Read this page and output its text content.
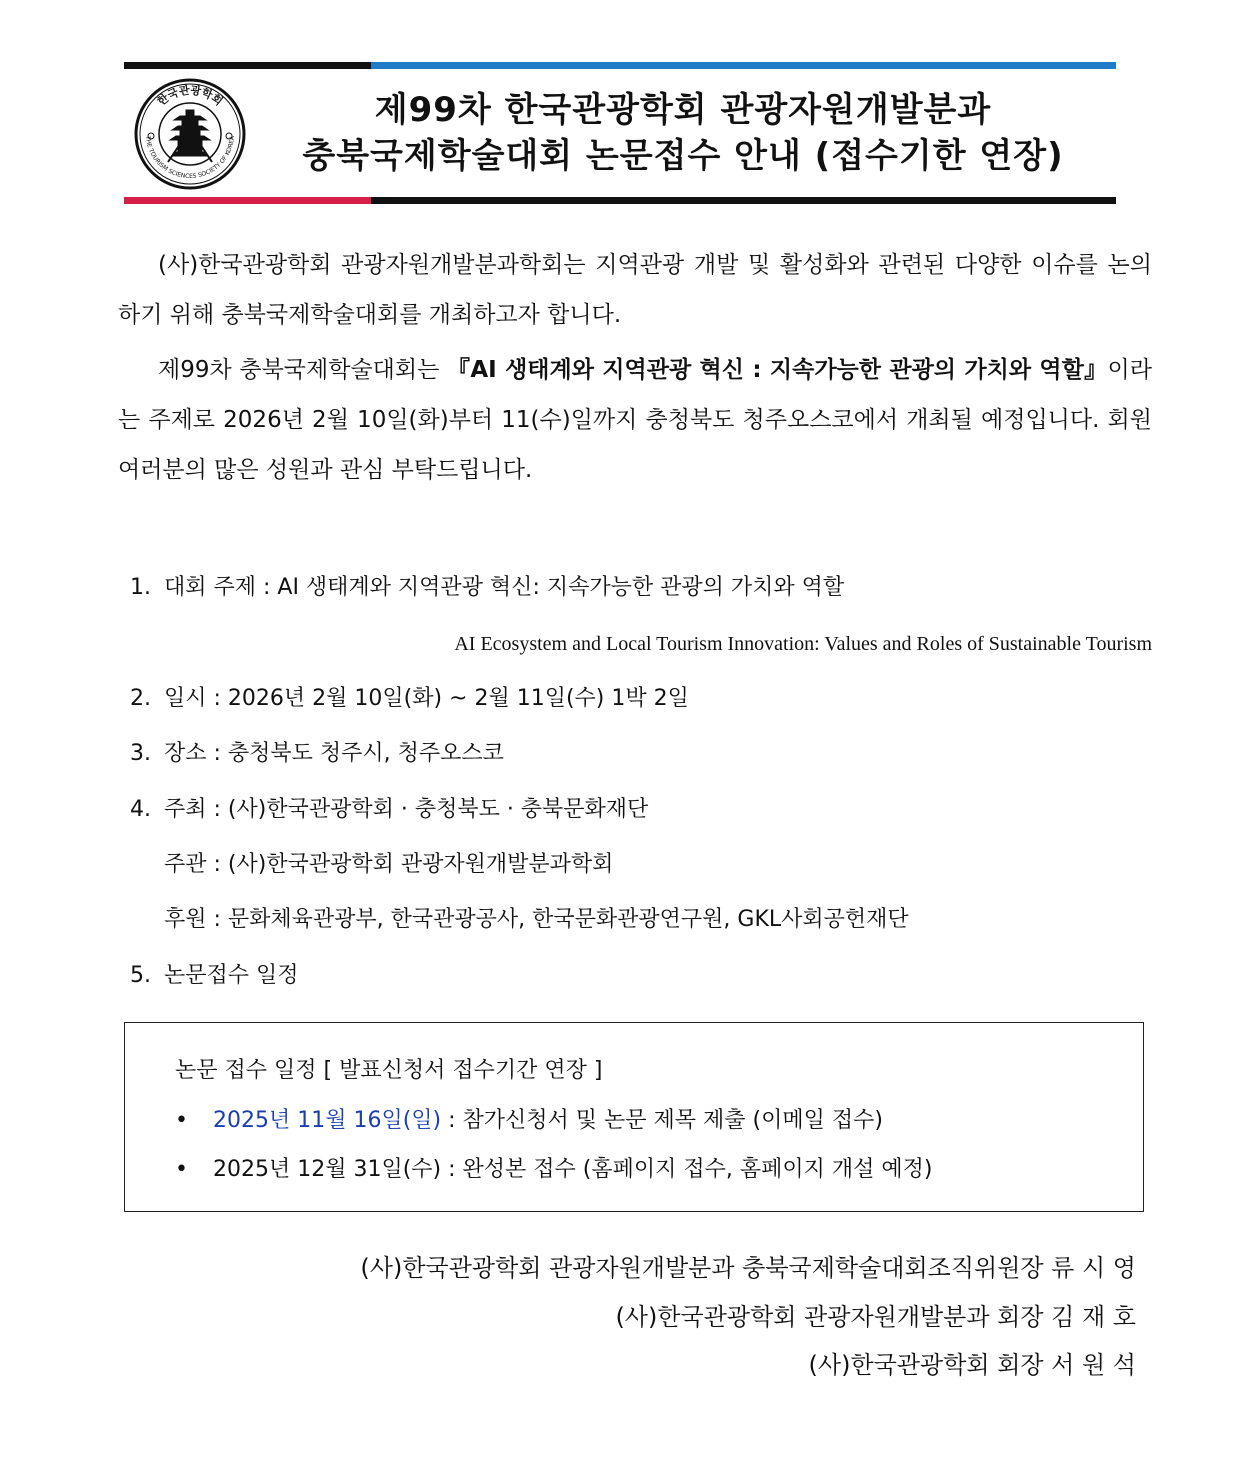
한국관광학회
THE TOURISM SCIENCES SOCIETY OF KOREA
제99차 한국관광학회 관광자원개발분과
충북국제학술대회 논문접수 안내 (접수기한 연장)
(사)한국관광학회 관광자원개발분과학회는 지역관광 개발 및 활성화와 관련된 다양한 이슈를 논의하기 위해 충북국제학술대회를 개최하고자 합니다.
제99차 충북국제학술대회는 『AI 생태계와 지역관광 혁신 : 지속가능한 관광의 가치와 역할』이라는 주제로 2026년 2월 10일(화)부터 11(수)일까지 충청북도 청주오스코에서 개최될 예정입니다. 회원 여러분의 많은 성원과 관심 부탁드립니다.
1. 대회 주제 : AI 생태계와 지역관광 혁신: 지속가능한 관광의 가치와 역할
AI Ecosystem and Local Tourism Innovation: Values and Roles of Sustainable Tourism
2. 일시 : 2026년 2월 10일(화) ~ 2월 11일(수) 1박 2일
3. 장소 : 충청북도 청주시, 청주오스코
4. 주최 : (사)한국관광학회 · 충청북도 · 충북문화재단
주관 : (사)한국관광학회 관광자원개발분과학회
후원 : 문화체육관광부, 한국관광공사, 한국문화관광연구원, GKL사회공헌재단
5. 논문접수 일정
논문 접수 일정 [ 발표신청서 접수기간 연장 ]
• 2025년 11월 16일(일) : 참가신청서 및 논문 제목 제출 (이메일 접수)
• 2025년 12월 31일(수) : 완성본 접수 (홈페이지 접수, 홈페이지 개설 예정)
(사)한국관광학회 관광자원개발분과 충북국제학술대회조직위원장 류 시 영
(사)한국관광학회 관광자원개발분과 회장 김 재 호
(사)한국관광학회 회장 서 원 석
